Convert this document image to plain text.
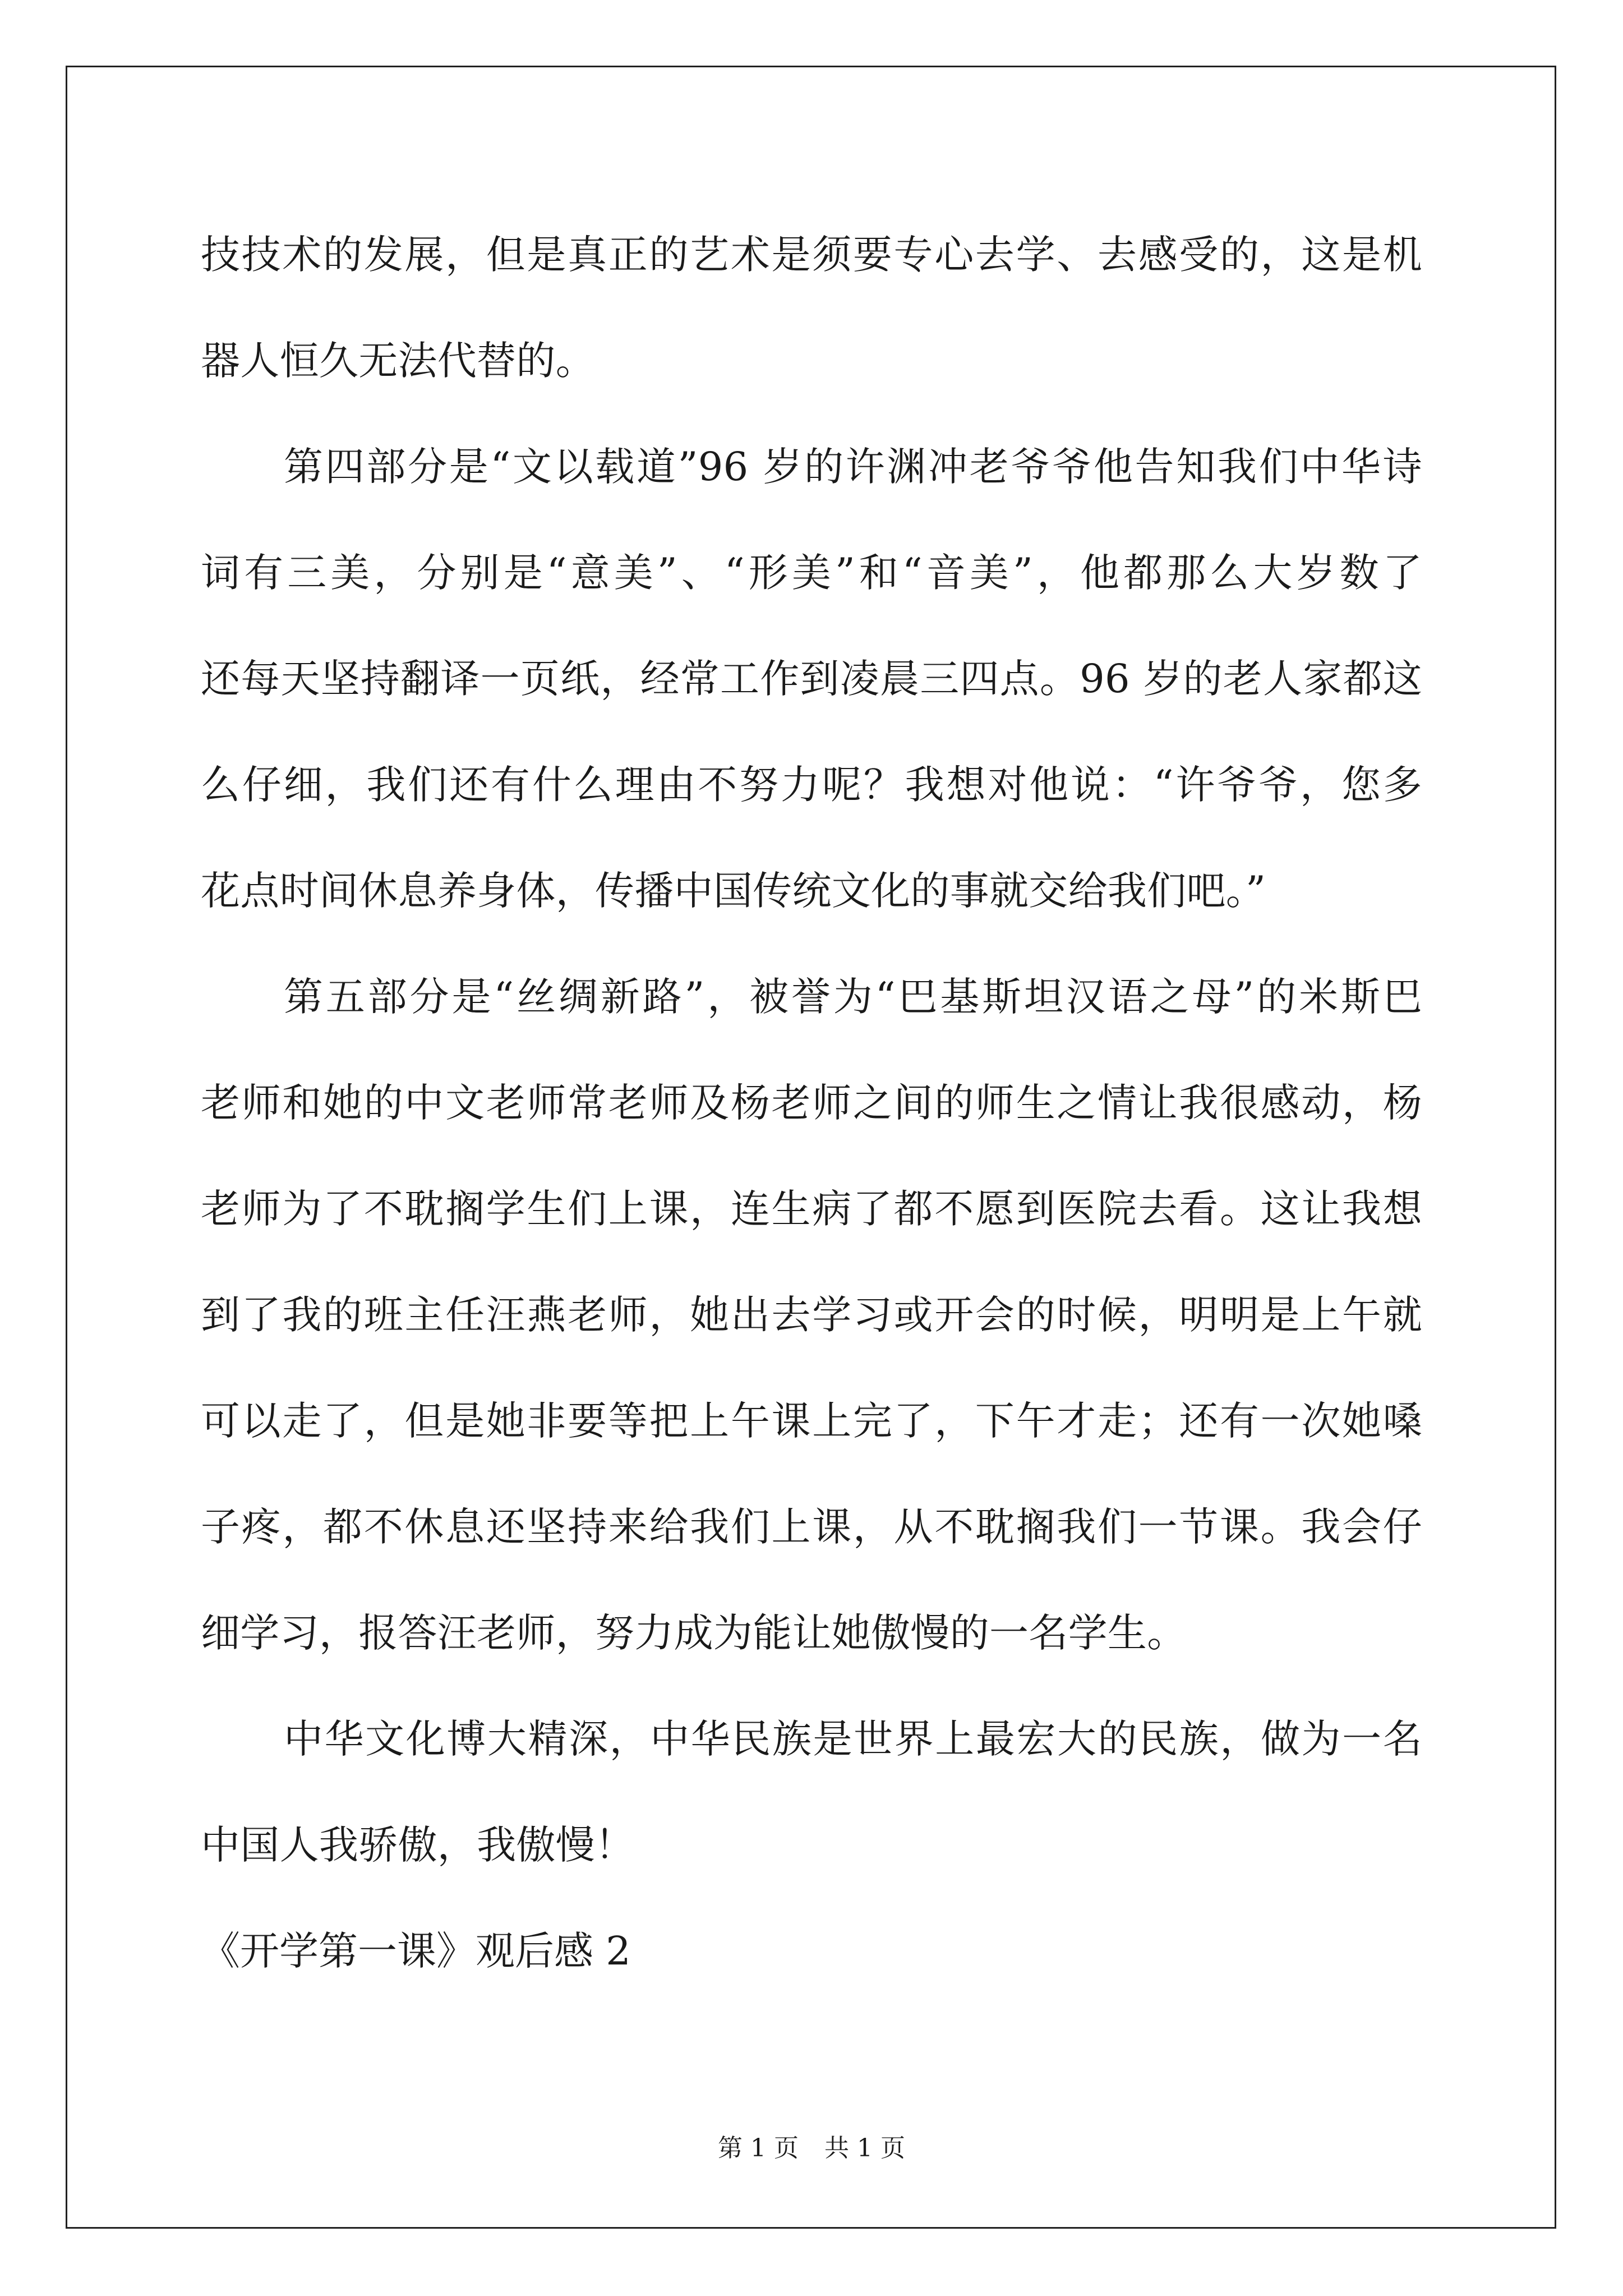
技技术的发展，但是真正的艺术是须要专心去学、去感受的，这是机
器人恒久无法代替的。
第四部分是“文以载道”96 岁的许渊冲老爷爷他告知我们中华诗
词有三美，分别是“意美”、“形美”和“音美”，他都那么大岁数了
还每天坚持翻译一页纸，经常工作到凌晨三四点。96 岁的老人家都这
么仔细，我们还有什么理由不努力呢？我想对他说：“许爷爷，您多
花点时间休息养身体，传播中国传统文化的事就交给我们吧。”
第五部分是“丝绸新路”，被誉为“巴基斯坦汉语之母”的米斯巴
老师和她的中文老师常老师及杨老师之间的师生之情让我很感动，杨
老师为了不耽搁学生们上课，连生病了都不愿到医院去看。这让我想
到了我的班主任汪燕老师，她出去学习或开会的时候，明明是上午就
可以走了，但是她非要等把上午课上完了，下午才走；还有一次她嗓
子疼，都不休息还坚持来给我们上课，从不耽搁我们一节课。我会仔
细学习，报答汪老师，努力成为能让她傲慢的一名学生。
中华文化博大精深，中华民族是世界上最宏大的民族，做为一名
中国人我骄傲，我傲慢！
《开学第一课》观后感 2
第 1 页 共 1 页
